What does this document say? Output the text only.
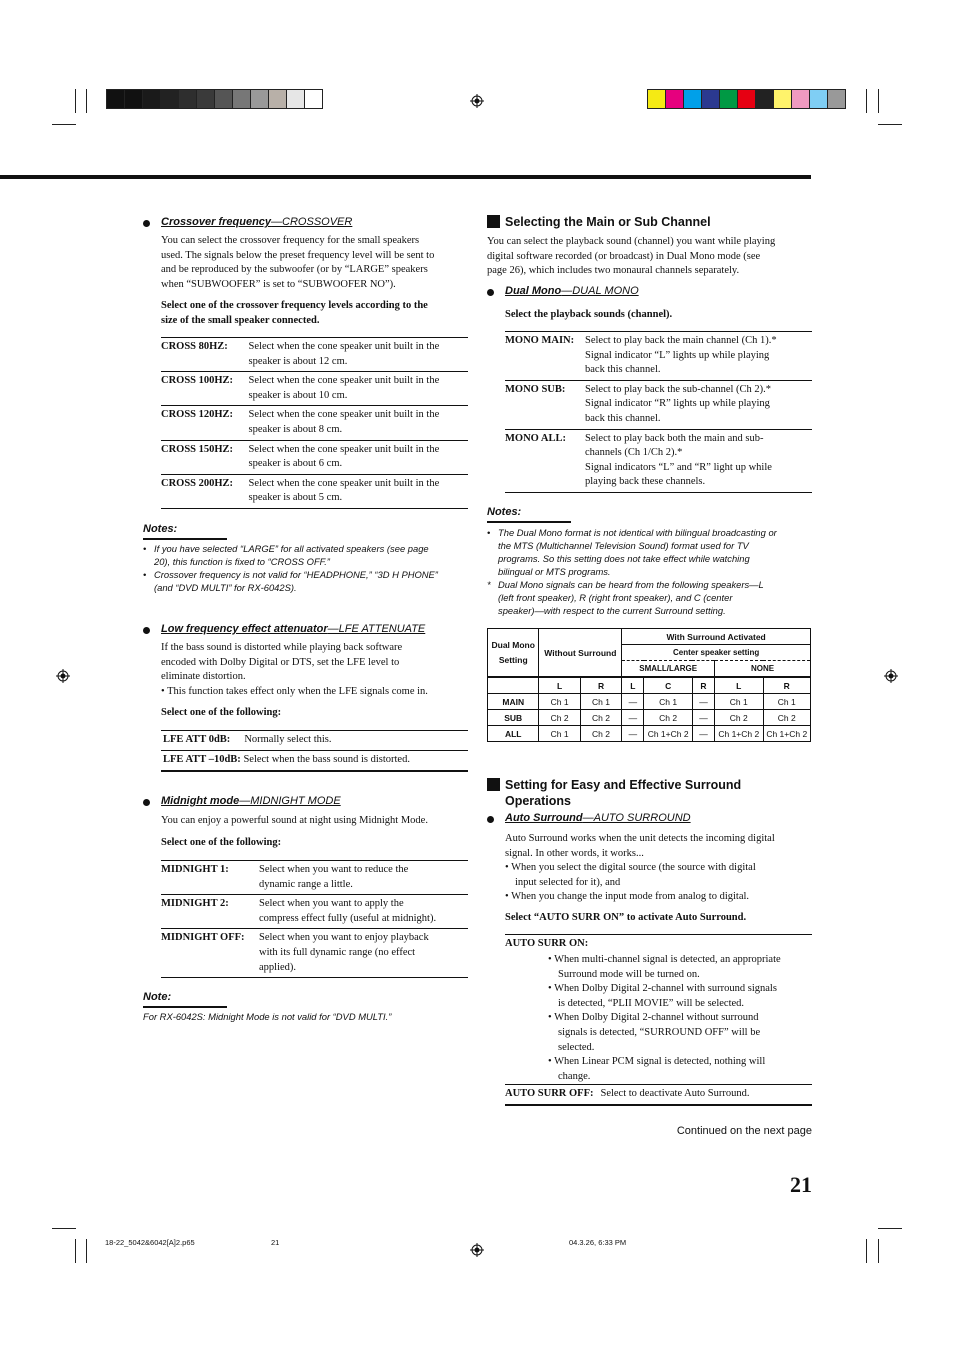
Crossover frequency—CROSSOVER
You can select the crossover frequency for the small speakers
used. The signals below the preset frequency level will be sent to
and be reproduced by the subwoofer (or by “LARGE” speakers
when “SUBWOOFER” is set to “SUBWOOFER NO”).
Select one of the crossover frequency levels according to the
size of the small speaker connected.
CROSS 80HZ:	Select when the cone speaker unit built in the
speaker is about 12 cm.

CROSS 100HZ:	Select when the cone speaker unit built in the
speaker is about 10 cm.

CROSS 120HZ:	Select when the cone speaker unit built in the
speaker is about 8 cm.

CROSS 150HZ:	Select when the cone speaker unit built in the
speaker is about 6 cm.

CROSS 200HZ:	Select when the cone speaker unit built in the
speaker is about 5 cm.
Notes:
• If you have selected “LARGE” for all activated speakers (see page
20), this function is fixed to “CROSS OFF.”
• Crossover frequency is not valid for “HEADPHONE,” “3D H PHONE”
(and “DVD MULTI” for RX-6042S).
Low frequency effect attenuator—LFE ATTENUATE
If the bass sound is distorted while playing back software
encoded with Dolby Digital or DTS, set the LFE level to
eliminate distortion.
• This function takes effect only when the LFE signals come in.
Select one of the following:
LFE ATT 0dB: Normally select this.
LFE ATT –10dB: Select when the bass sound is distorted.
Midnight mode—MIDNIGHT MODE
You can enjoy a powerful sound at night using Midnight Mode.
Select one of the following:
MIDNIGHT 1:	Select when you want to reduce the
dynamic range a little.

MIDNIGHT 2:	Select when you want to apply the
compress effect fully (useful at midnight).

MIDNIGHT OFF:	Select when you want to enjoy playback
with its full dynamic range (no effect
applied).
Note:
For RX-6042S: Midnight Mode is not valid for “DVD MULTI.”
Selecting the Main or Sub Channel
You can select the playback sound (channel) you want while playing
digital software recorded (or broadcast) in Dual Mono mode (see
page 26), which includes two monaural channels separately.
Dual Mono—DUAL MONO
Select the playback sounds (channel).
MONO MAIN:	Select to play back the main channel (Ch 1).*
Signal indicator “L” lights up while playing
back this channel.

MONO SUB:	Select to play back the sub-channel (Ch 2).*
Signal indicator “R” lights up while playing
back this channel.

MONO ALL:	Select to play back both the main and sub-
channels (Ch 1/Ch 2).*
Signal indicators “L” and “R” light up while
playing back these channels.
Notes:
• The Dual Mono format is not identical with bilingual broadcasting or
the MTS (Multichannel Television Sound) format used for TV
programs. So this setting does not take effect while watching
bilingual or MTS programs.
* Dual Mono signals can be heard from the following speakers—L
(left front speaker), R (right front speaker), and C (center
speaker)—with respect to the current Surround setting.
Dual Mono
Setting	Without Surround		With Surround Activated				
			Center speaker setting				
			SMALL/LARGE			NONE	
	L	R	L	C	R	L	R
MAIN	Ch 1	Ch 1	—	Ch 1	—	Ch 1	Ch 1
SUB	Ch 2	Ch 2	—	Ch 2	—	Ch 2	Ch 2
ALL	Ch 1	Ch 2	—	Ch 1+Ch 2	—	Ch 1+Ch 2	Ch 1+Ch 2
Setting for Easy and Effective Surround
Operations
Auto Surround—AUTO SURROUND
Auto Surround works when the unit detects the incoming digital
signal. In other words, it works...
• When you select the digital source (the source with digital
input selected for it), and
• When you change the input mode from analog to digital.
Select “AUTO SURR ON” to activate Auto Surround.
AUTO SURR ON:
• When multi-channel signal is detected, an appropriate
Surround mode will be turned on.
• When Dolby Digital 2-channel with surround signals
is detected, “PLII MOVIE” will be selected.
• When Dolby Digital 2-channel without surround
signals is detected, “SURROUND OFF” will be
selected.
• When Linear PCM signal is detected, nothing will
change.
AUTO SURR OFF: Select to deactivate Auto Surround.
Continued on the next page
21
18-22_5042&6042[A]2.p65	21	04.3.26, 6:33 PM
